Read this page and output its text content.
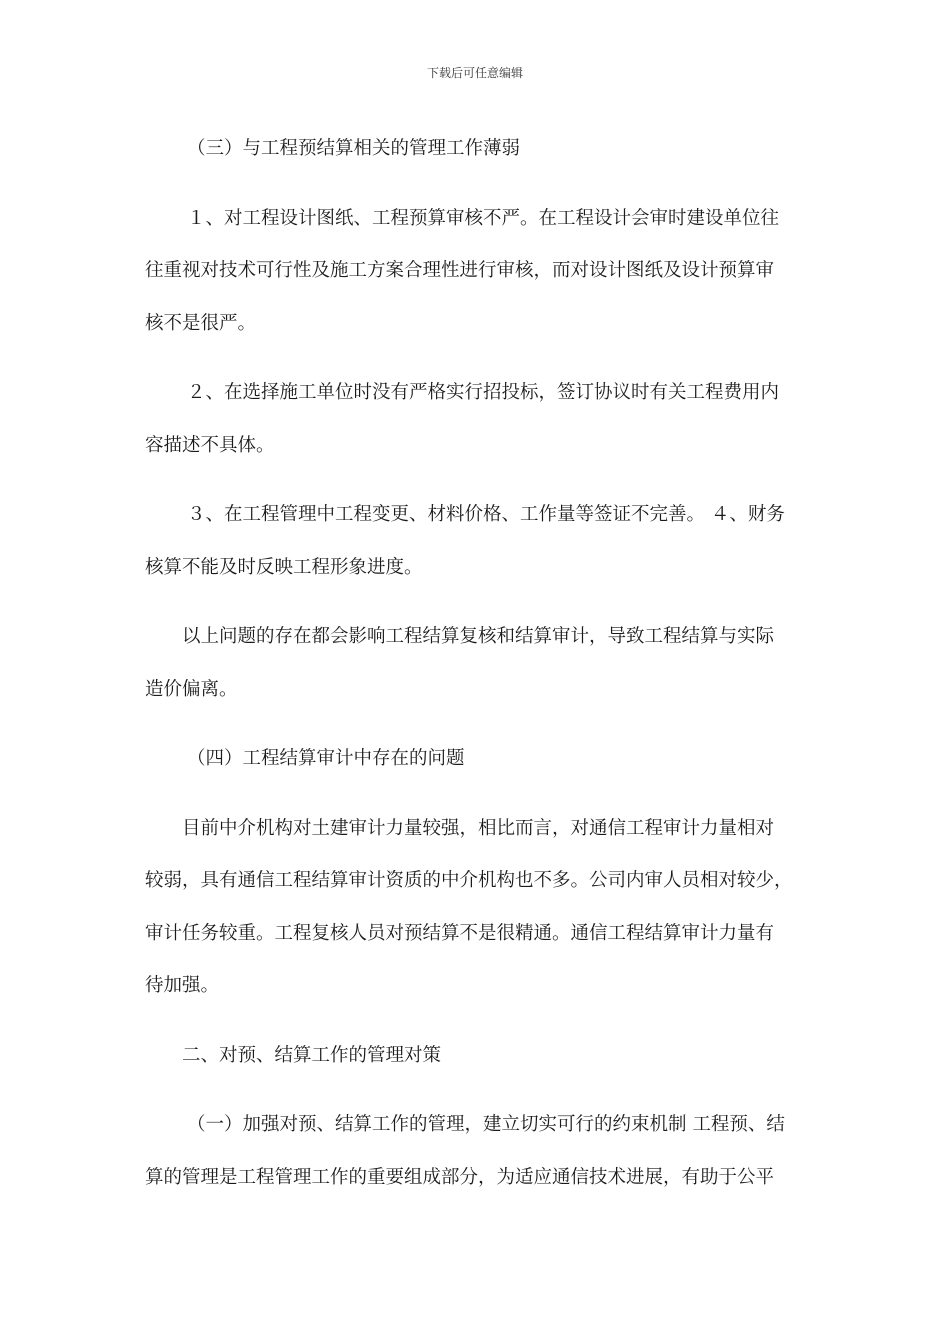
下载后可任意编辑

（三）与工程预结算相关的管理工作薄弱

１、对工程设计图纸、工程预算审核不严。在工程设计会审时建设单位往
往重视对技术可行性及施工方案合理性进行审核，而对设计图纸及设计预算审
核不是很严。

２、在选择施工单位时没有严格实行招投标，签订协议时有关工程费用内
容描述不具体。

３、在工程管理中工程变更、材料价格、工作量等签证不完善。 ４、财务
核算不能及时反映工程形象进度。

以上问题的存在都会影响工程结算复核和结算审计，导致工程结算与实际
造价偏离。

（四）工程结算审计中存在的问题

目前中介机构对土建审计力量较强，相比而言，对通信工程审计力量相对
较弱，具有通信工程结算审计资质的中介机构也不多。公司内审人员相对较少，
审计任务较重。工程复核人员对预结算不是很精通。通信工程结算审计力量有
待加强。

二、对预、结算工作的管理对策

（一）加强对预、结算工作的管理，建立切实可行的约束机制 工程预、结
算的管理是工程管理工作的重要组成部分，为适应通信技术进展，有助于公平
